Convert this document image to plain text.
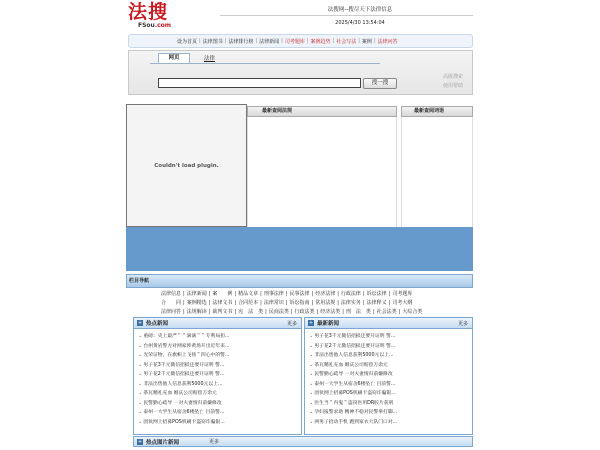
法搜
FSou.com
法搜网--搜尽天下法律信息
2025/4/30 13:54:04
设为首页 | 法律图书 | 法律排行榜 | 法律新闻 | 司考题库 | 案例趋势 | 社会写法 | 案例 | 法律问答
网页	法律
搜一搜
高级搜索
使用帮助
Couldn't load plugin.
最新查阅法规	最新查阅词语
栏目导航
法律信息 | 法律新闻 | 案　　例 | 精品文章 | 刑事法律 | 民事法律 | 经济法律 | 行政法律 | 诉讼法律 | 司考题库
合　　同 | 案例精选 | 法律文书 | 合同范本 | 法律常识 | 诉讼指南 | 常用法规 | 法律实务 | 法律释义 | 司考大纲
法律问答 | 法规解读 | 裁判文书 | 宪　法　类 | 民商法类 | 行政法类 | 经济法类 | 刑　法　类 | 社会法类 | 大综合类
+ 热点新闻	更多
• 重磅：史上最严＂＂滴滴＂＂专利局担...
• 台州黄岩警方对网家涉黄场开出近年来...
• 光荣证物，在旗帜上飞扬＂四心中的警...
• 男子花3千元微信招损还要开证明 警...
• 男子花2千元微信招损还要开证明 警...
• 非法出售他人信息获利5000元以上...
• 茶瓦精礼充血 婚庆公司赔偿万余元
• 民警勤心疏导 一对夫妻情归前嫌修改
• 泰州一大学生从宿舍6楼坠亡 目前警...
• 团伙网上招募POS机刷卡盗窃诈骗银...
+ 最新新闻	更多
• 男子花3千元微信招损还要开证明 警...
• 男子花2千元微信招损还要开证明 警...
• 非法出售他人信息获利5000元以上...
• 茶瓦精礼充血 婚庆公司赔偿万余元
• 民警勤心疏导 一对夫妻情归前嫌修改
• 泰州一大学生从宿舍6楼坠亡 目前警...
• 团伙网上招募POS机刷卡盗窃诈骗银...
• 医生当＂内鬼＂盗窃医用DR胶片获刑
• 孕妇报警求助 精神不稳对民警拳打脚...
• 两男子拾动手机 跑到家衣大队门口对...
+ 热点图片新闻	更多
